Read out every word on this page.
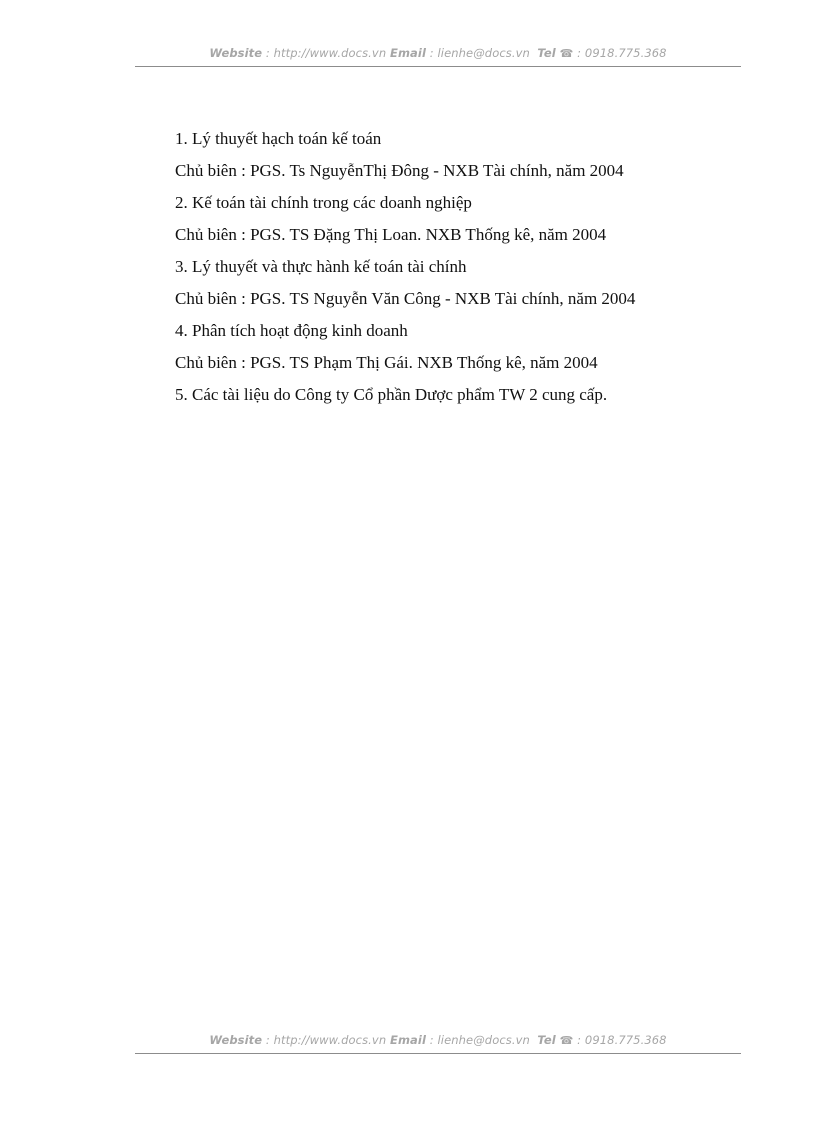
Website : http://www.docs.vn Email : lienhe@docs.vn Tel ☎ : 0918.775.368
1. Lý thuyết hạch toán kế toán
Chủ biên : PGS. Ts NguyễnThị Đông - NXB Tài chính, năm 2004
2. Kế toán tài chính trong các doanh nghiệp
Chủ biên : PGS. TS Đặng Thị Loan. NXB Thống kê, năm 2004
3. Lý thuyết và thực hành kế toán tài chính
Chủ biên : PGS. TS Nguyễn Văn Công - NXB Tài chính, năm 2004
4. Phân tích hoạt động kinh doanh
Chủ biên : PGS. TS Phạm Thị Gái. NXB Thống kê, năm 2004
5. Các tài liệu do Công ty Cổ phần Dược phẩm TW 2 cung cấp.
Website : http://www.docs.vn Email : lienhe@docs.vn Tel ☎ : 0918.775.368
